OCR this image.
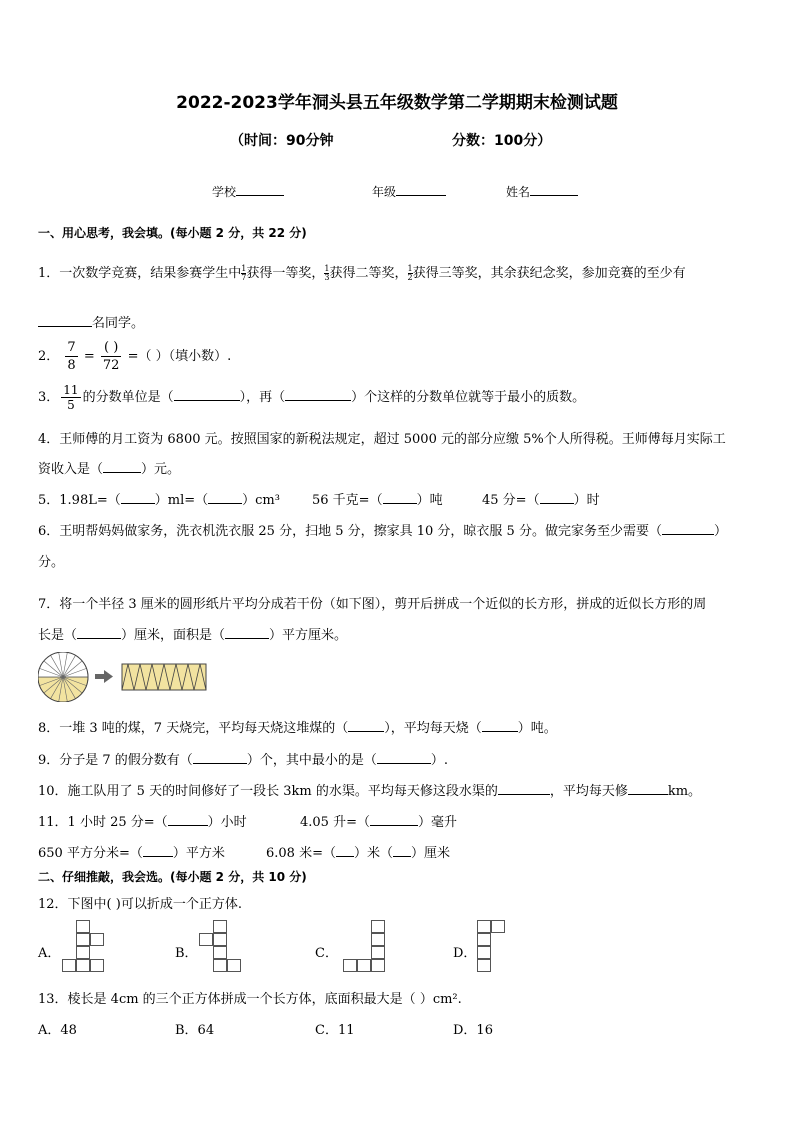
2022-2023学年洞头县五年级数学第二学期期末检测试题
（时间：90分钟	分数：100分）
学校	年级	姓名
一、用心思考，我会填。(每小题 2 分，共 22 分)
1．一次数学竞赛，结果参赛学生中 $\frac{1}{7}$ 获得一等奖， $\frac{1}{3}$ 获得二等奖， $\frac{1}{2}$ 获得三等奖，其余获纪念奖，参加竞赛的至少有
名同学。
2． $\frac{7}{8} = \frac{( )}{72}$ =（ ）（填小数）.
3． $\frac{11}{5}$ 的分数单位是（	），再（	）个这样的分数单位就等于最小的质数。
4．王师傅的月工资为 6800 元。按照国家的新税法规定，超过 5000 元的部分应缴 5%个人所得税。王师傅每月实际工
资收入是（	）元。
5．1.98L=（	）ml=（	）cm³ 56 千克=（	）吨	45 分=（	）时
6．王明帮妈妈做家务，洗衣机洗衣服 25 分，扫地 5 分，擦家具 10 分，晾衣服 5 分。做完家务至少需要（	）
分。
7．将一个半径 3 厘米的圆形纸片平均分成若干份（如下图），剪开后拼成一个近似的长方形，拼成的近似长方形的周
长是（	）厘米，面积是（	）平方厘米。
8．一堆 3 吨的煤，7 天烧完，平均每天烧这堆煤的（	），平均每天烧（	）吨。
9．分子是 7 的假分数有（	）个，其中最小的是（	）.
10．施工队用了 5 天的时间修好了一段长 3km 的水渠。平均每天修这段水渠的	，平均每天修	km。
11．1 小时 25 分=（	）小时	4.05 升=（	）毫升
650 平方分米=（ ）平方米	6.08 米=（ ）米（ ）厘米
二、仔细推敲，我会选。(每小题 2 分，共 10 分)
12．下图中( )可以折成一个正方体.
A．	B．	C．	D．
13．棱长是 4cm 的三个正方体拼成一个长方体，底面积最大是（ ）cm².
A．48	B．64	C．11	D．16
